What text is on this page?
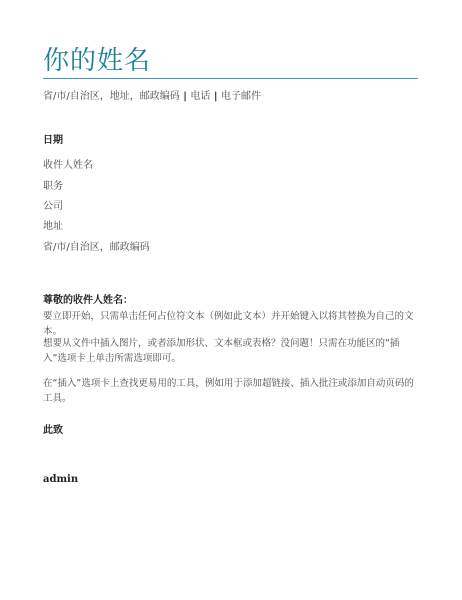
你的姓名
省/市/自治区，地址，邮政编码 | 电话 | 电子邮件
日期
收件人姓名
职务
公司
地址
省/市/自治区，邮政编码
尊敬的收件人姓名：
要立即开始，只需单击任何占位符文本（例如此文本）并开始键入以将其替换为自己的文本。
想要从文件中插入图片，或者添加形状、文本框或表格？没问题！只需在功能区的“插入”选项卡上单击所需选项即可。
在“插入”选项卡上查找更易用的工具，例如用于添加超链接、插入批注或添加自动页码的工具。
此致
admin
